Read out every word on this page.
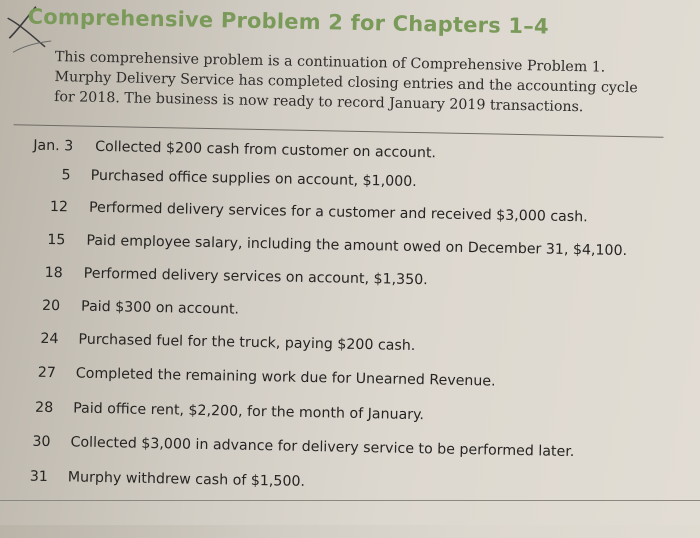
Comprehensive Problem 2 for Chapters 1–4

This comprehensive problem is a continuation of Comprehensive Problem 1. Murphy Delivery Service has completed closing entries and the accounting cycle for 2018. The business is now ready to record January 2019 transactions.

Jan. 3 Collected $200 cash from customer on account.
5 Purchased office supplies on account, $1,000.
12 Performed delivery services for a customer and received $3,000 cash.
15 Paid employee salary, including the amount owed on December 31, $4,100.
18 Performed delivery services on account, $1,350.
20 Paid $300 on account.
24 Purchased fuel for the truck, paying $200 cash.
27 Completed the remaining work due for Unearned Revenue.
28 Paid office rent, $2,200, for the month of January.
30 Collected $3,000 in advance for delivery service to be performed later.
31 Murphy withdrew cash of $1,500.
